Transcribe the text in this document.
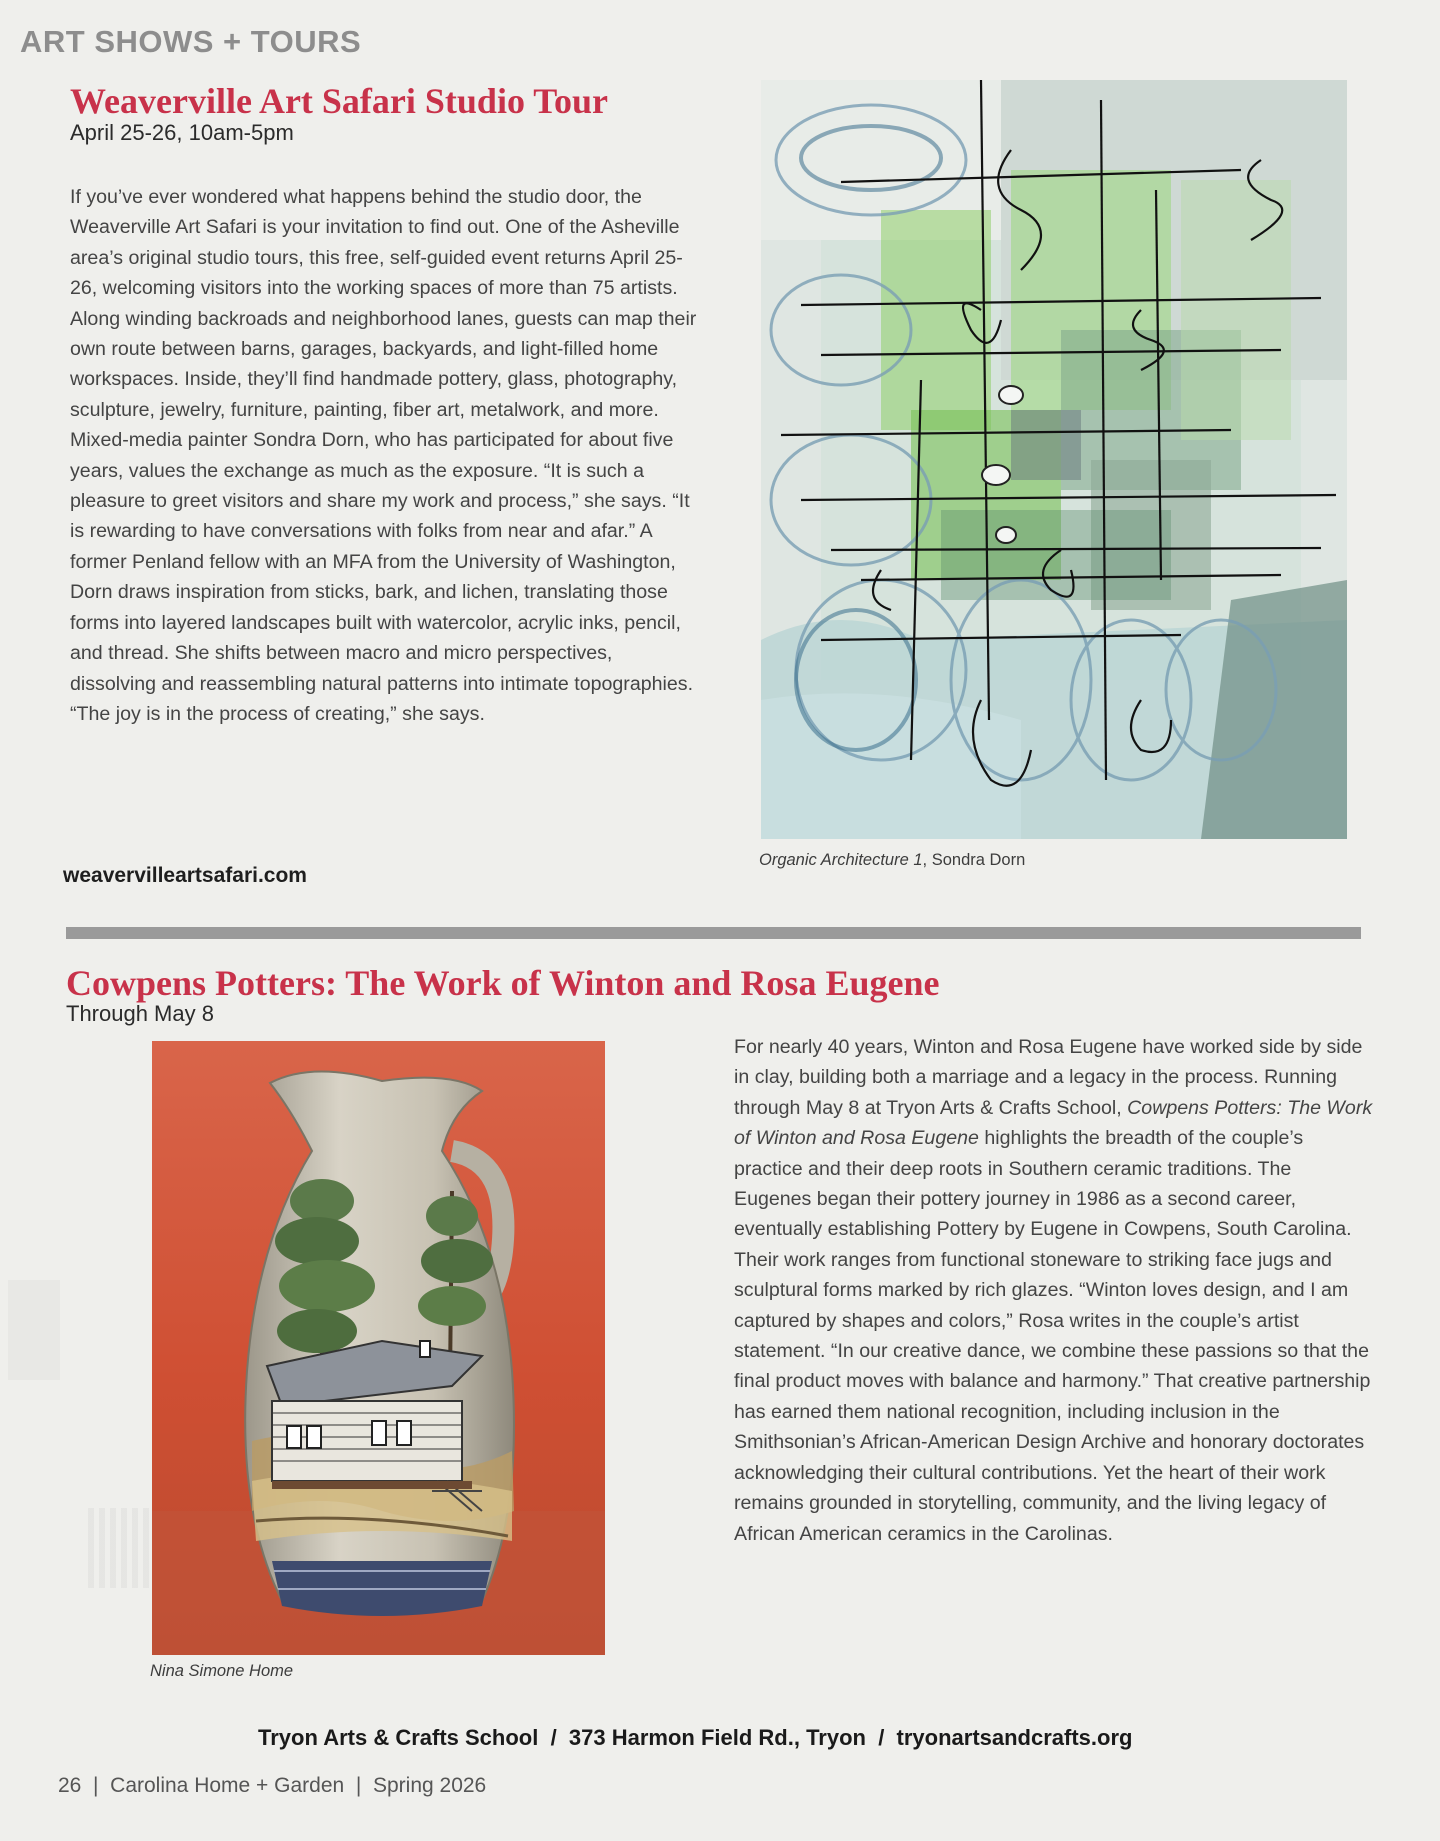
ART SHOWS + TOURS
Weaverville Art Safari Studio Tour
April 25-26, 10am-5pm

If you’ve ever wondered what happens behind the studio door, the Weaverville Art Safari is your invitation to find out. One of the Asheville area’s original studio tours, this free, self-guided event returns April 25-26, welcoming visitors into the working spaces of more than 75 artists. Along winding backroads and neighborhood lanes, guests can map their own route between barns, garages, backyards, and light-filled home workspaces. Inside, they’ll find handmade pottery, glass, photography, sculpture, jewelry, furniture, painting, fiber art, metalwork, and more. Mixed-media painter Sondra Dorn, who has participated for about five years, values the exchange as much as the exposure. “It is such a pleasure to greet visitors and share my work and process,” she says. “It is rewarding to have conversations with folks from near and afar.” A former Penland fellow with an MFA from the University of Washington, Dorn draws inspiration from sticks, bark, and lichen, translating those forms into layered landscapes built with watercolor, acrylic inks, pencil, and thread. She shifts between macro and micro perspectives, dissolving and reassembling natural patterns into intimate topographies. “The joy is in the process of creating,” she says.

weavervilleartsafari.com
Organic Architecture 1, Sondra Dorn
Cowpens Potters: The Work of Winton and Rosa Eugene
Through May 8
Nina Simone Home

For nearly 40 years, Winton and Rosa Eugene have worked side by side in clay, building both a marriage and a legacy in the process. Running through May 8 at Tryon Arts & Crafts School, Cowpens Potters: The Work of Winton and Rosa Eugene highlights the breadth of the couple’s practice and their deep roots in Southern ceramic traditions. The Eugenes began their pottery journey in 1986 as a second career, eventually establishing Pottery by Eugene in Cowpens, South Carolina. Their work ranges from functional stoneware to striking face jugs and sculptural forms marked by rich glazes. “Winton loves design, and I am captured by shapes and colors,” Rosa writes in the couple’s artist statement. “In our creative dance, we combine these passions so that the final product moves with balance and harmony.” That creative partnership has earned them national recognition, including inclusion in the Smithsonian’s African-American Design Archive and honorary doctorates acknowledging their cultural contributions. Yet the heart of their work remains grounded in storytelling, community, and the living legacy of African American ceramics in the Carolinas.

Tryon Arts & Crafts School  /  373 Harmon Field Rd., Tryon  /  tryonartsandcrafts.org
26  |  Carolina Home + Garden  |  Spring 2026
